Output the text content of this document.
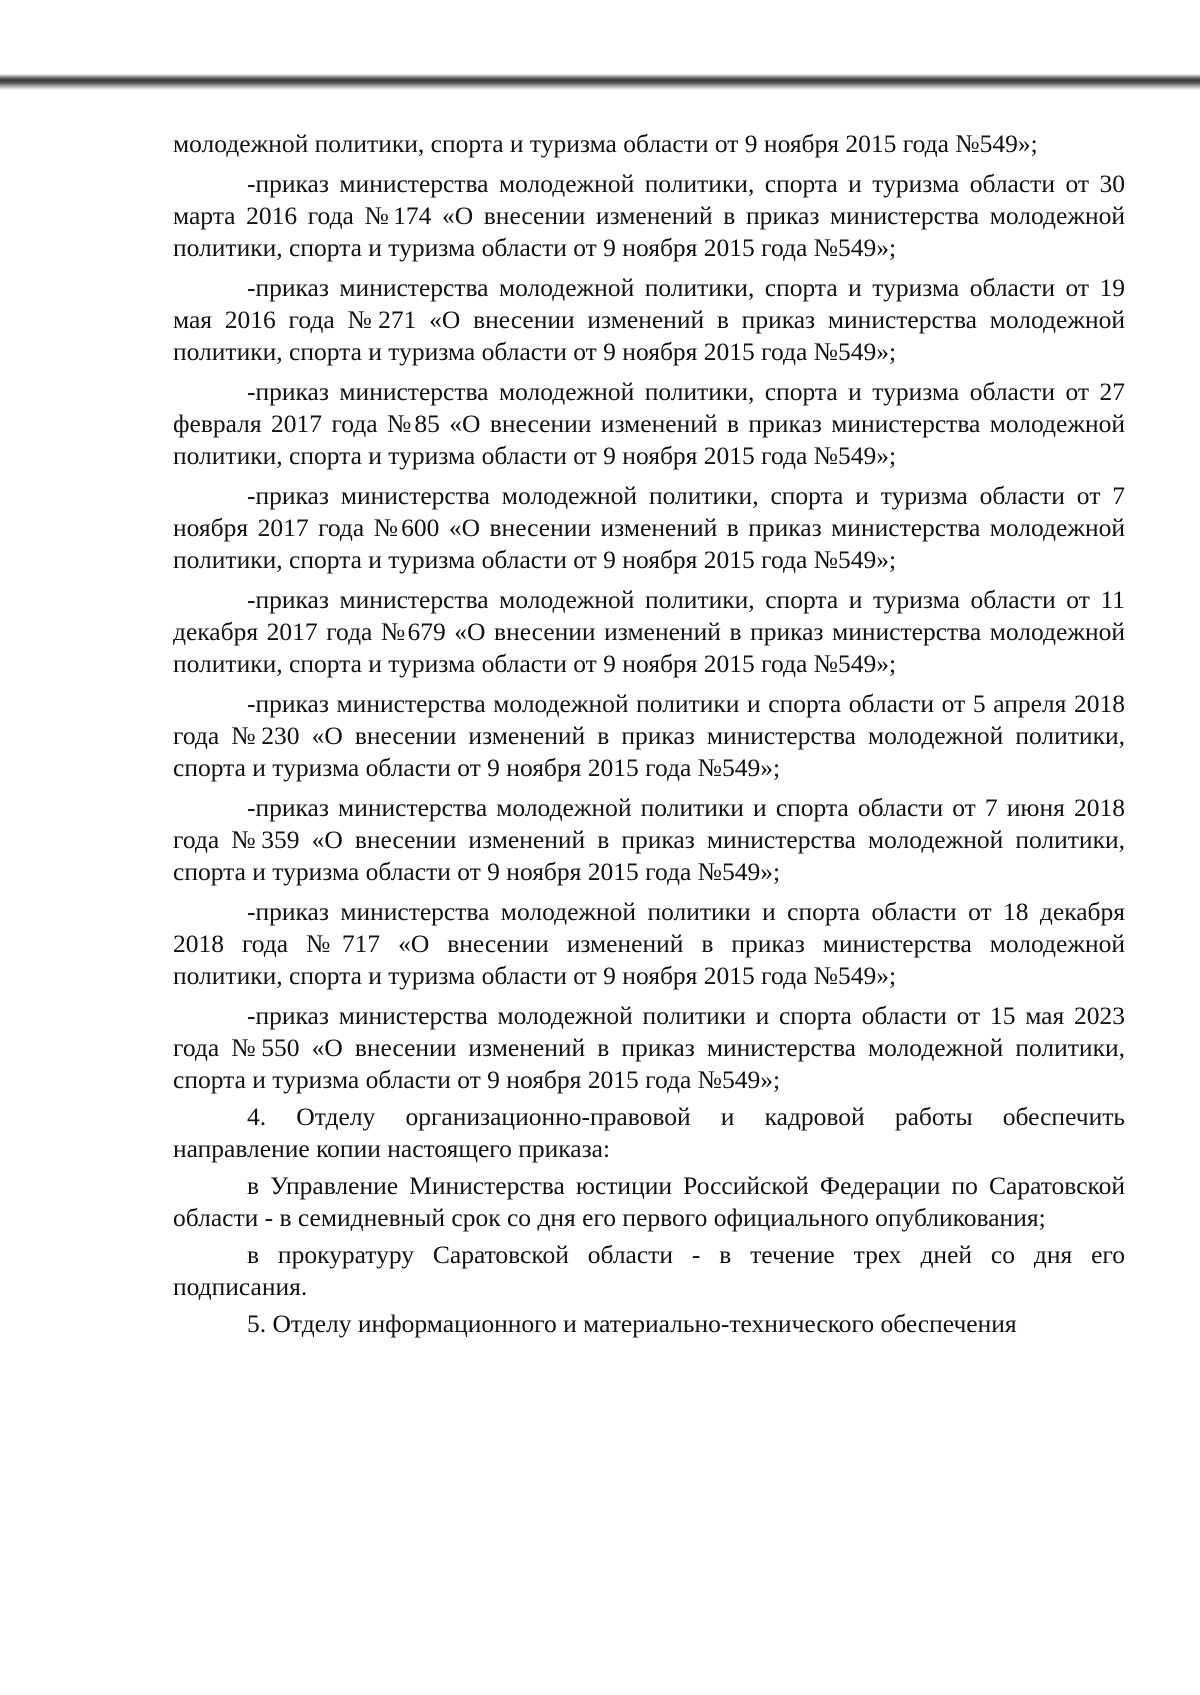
молодежной политики, спорта и туризма области от 9 ноября 2015 года №549»;

-приказ министерства молодежной политики, спорта и туризма области от 30 марта 2016 года №174 «О внесении изменений в приказ министерства молодежной политики, спорта и туризма области от 9 ноября 2015 года №549»;

-приказ министерства молодежной политики, спорта и туризма области от 19 мая 2016 года №271 «О внесении изменений в приказ министерства молодежной политики, спорта и туризма области от 9 ноября 2015 года №549»;

-приказ министерства молодежной политики, спорта и туризма области от 27 февраля 2017 года №85 «О внесении изменений в приказ министерства молодежной политики, спорта и туризма области от 9 ноября 2015 года №549»;

-приказ министерства молодежной политики, спорта и туризма области от 7 ноября 2017 года №600 «О внесении изменений в приказ министерства молодежной политики, спорта и туризма области от 9 ноября 2015 года №549»;

-приказ министерства молодежной политики, спорта и туризма области от 11 декабря 2017 года №679 «О внесении изменений в приказ министерства молодежной политики, спорта и туризма области от 9 ноября 2015 года №549»;

-приказ министерства молодежной политики и спорта области от 5 апреля 2018 года №230 «О внесении изменений в приказ министерства молодежной политики, спорта и туризма области от 9 ноября 2015 года №549»;

-приказ министерства молодежной политики и спорта области от 7 июня 2018 года №359 «О внесении изменений в приказ министерства молодежной политики, спорта и туризма области от 9 ноября 2015 года №549»;

-приказ министерства молодежной политики и спорта области от 18 декабря 2018 года №717 «О внесении изменений в приказ министерства молодежной политики, спорта и туризма области от 9 ноября 2015 года №549»;

-приказ министерства молодежной политики и спорта области от 15 мая 2023 года №550 «О внесении изменений в приказ министерства молодежной политики, спорта и туризма области от 9 ноября 2015 года №549»;

4. Отделу организационно-правовой и кадровой работы обеспечить направление копии настоящего приказа:

в Управление Министерства юстиции Российской Федерации по Саратовской области - в семидневный срок со дня его первого официального опубликования;

в прокуратуру Саратовской области - в течение трех дней со дня его подписания.

5. Отделу информационного и материально-технического обеспечения
